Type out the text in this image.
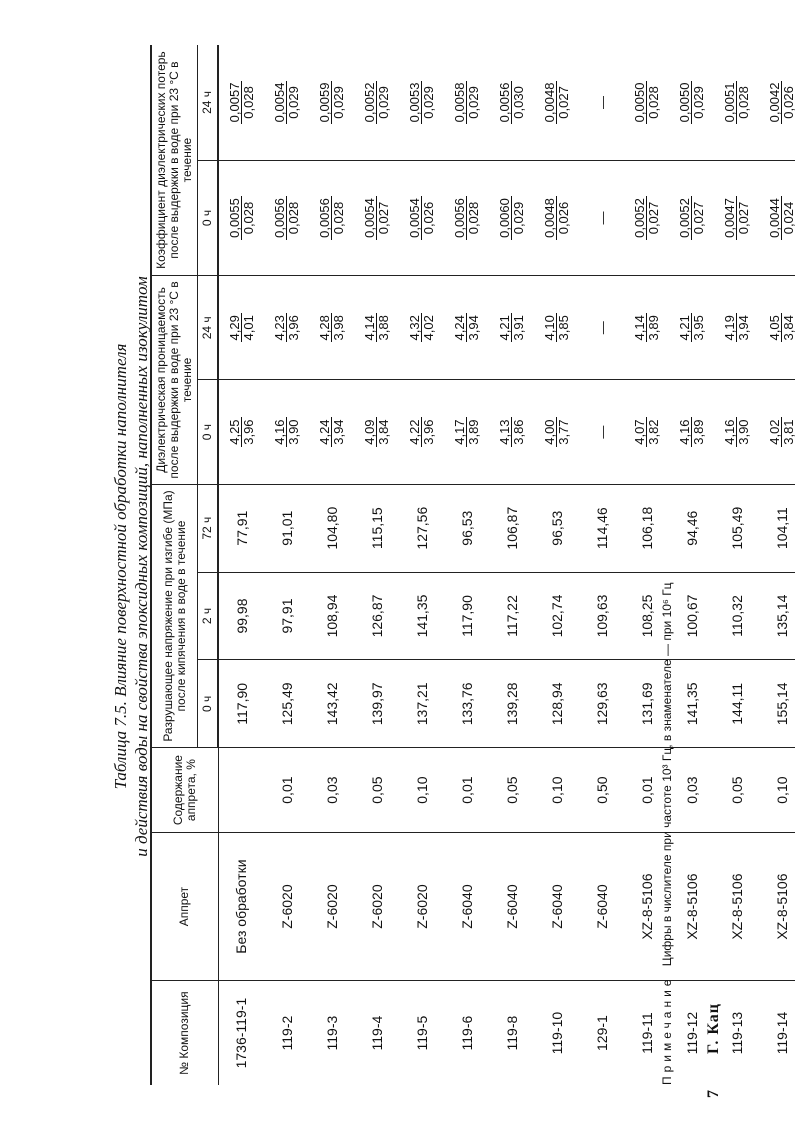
Таблица 7.5. Влияние поверхностной обработки наполнителя и действия воды на свойства эпоксидных композиций, наполненных изокулитом
№ Композиция	Аппрет	Содержание аппрета, %	Разрушающее напряжение при изгибе (МПа) после кипячения в воде в течение			Диэлектрическая проницаемость после выдержки в воде при 23 °C в течение		Коэффициент диэлектрических потерь после выдержки в воде при 23 °C в течение	
			0 ч	2 ч	72 ч	0 ч	24 ч	0 ч	24 ч
1736-119-1	Без обработки		117,90	99,98	77,91	4,25 3,96	4,29 4,01	0,0055 0,028	0,0057 0,028

119-2	Z-6020	0,01	125,49	97,91	91,01	4,16 3,90	4,23 3,96	0,0056 0,028	0,0054 0,029

119-3	Z-6020	0,03	143,42	108,94	104,80	4,24 3,94	4,28 3,98	0,0056 0,028	0,0059 0,029

119-4	Z-6020	0,05	139,97	126,87	115,15	4,09 3,84	4,14 3,88	0,0054 0,027	0,0052 0,029

119-5	Z-6020	0,10	137,21	141,35	127,56	4,22 3,96	4,32 4,02	0,0054 0,026	0,0053 0,029

119-6	Z-6040	0,01	133,76	117,90	96,53	4,17 3,89	4,24 3,94	0,0056 0,028	0,0058 0,029

119-8	Z-6040	0,05	139,28	117,22	106,87	4,13 3,86	4,21 3,91	0,0060 0,029	0,0056 0,030

119-10	Z-6040	0,10	128,94	102,74	96,53	4,00 3,77	4,10 3,85	0,0048 0,026	0,0048 0,027

129-1	Z-6040	0,50	129,63	109,63	114,46	—	—	—	—

119-11	XZ-8-5106	0,01	131,69	108,25	106,18	4,07 3,82	4,14 3,89	0,0052 0,027	0,0050 0,028

119-12	XZ-8-5106	0,03	141,35	100,67	94,46	4,16 3,89	4,21 3,95	0,0052 0,027	0,0050 0,029

119-13	XZ-8-5106	0,05	144,11	110,32	105,49	4,16 3,90	4,19 3,94	0,0047 0,027	0,0051 0,028

119-14	XZ-8-5106	0,10	155,14	135,14	104,11	4,02 3,81	4,05 3,84	0,0044 0,024	0,0042 0,026
Примечание Цифры в числителе при частоте 10³ Гц, в знаменателе — при 10⁶ Гц
7 Г. Кац
